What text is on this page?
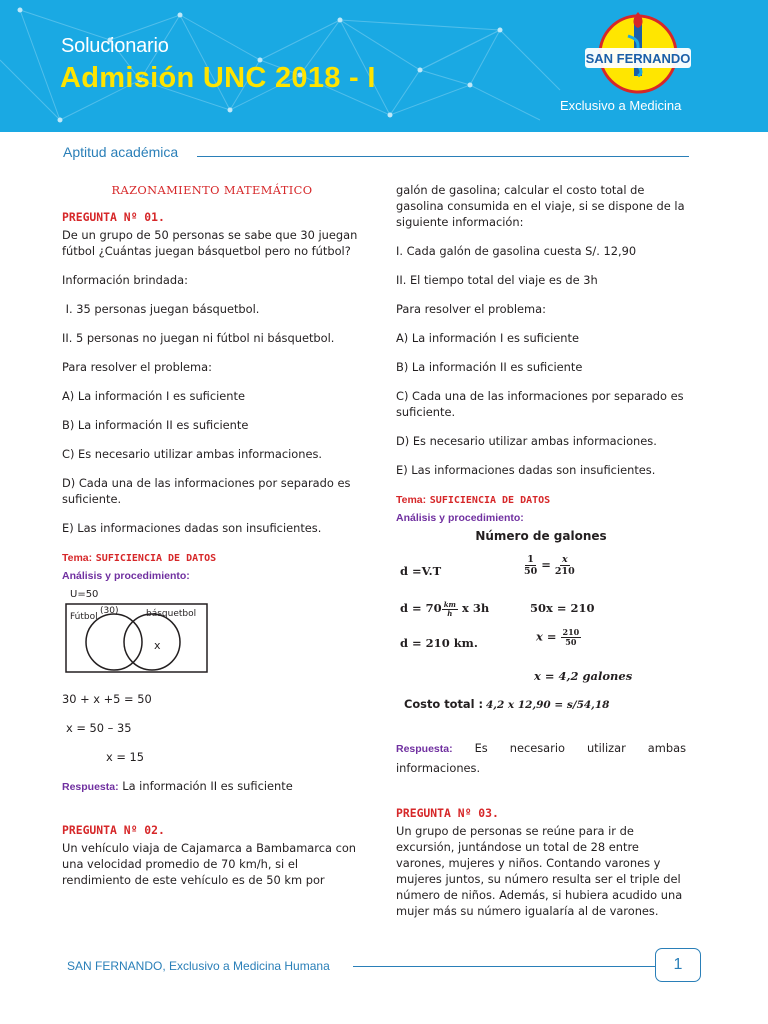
Solucionario
Admisión UNC 2018 - I
SAN FERNANDO
Exclusivo a Medicina
Aptitud académica

RAZONAMIENTO MATEMÁTICO

PREGUNTA Nº 01.

De un grupo de 50 personas se sabe que 30 juegan fútbol ¿Cuántas juegan básquetbol pero no fútbol?

Información brindada:

I. 35 personas juegan básquetbol.

II. 5 personas no juegan ni fútbol ni básquetbol.

Para resolver el problema:

A) La información I es suficiente

B) La información II es suficiente

C) Es necesario utilizar ambas informaciones.

D) Cada una de las informaciones por separado es suficiente.

E) Las informaciones dadas son insuficientes.

Tema: SUFICIENCIA DE DATOS

Análisis y procedimiento:

U=50
Fútbol
(30)	básquetbol
x

30 + x +5 = 50

x = 50 – 35

x = 15

Respuesta: La información II es suficiente

PREGUNTA Nº 02.

Un vehículo viaja de Cajamarca a Bambamarca con una velocidad promedio de 70 km/h, si el rendimiento de este vehículo es de 50 km por

galón de gasolina; calcular el costo total de gasolina consumida en el viaje, si se dispone de la siguiente información:

I. Cada galón de gasolina cuesta S/. 12,90

II. El tiempo total del viaje es de 3h

Para resolver el problema:

A) La información I es suficiente

B) La información II es suficiente

C) Cada una de las informaciones por separado es suficiente.

D) Es necesario utilizar ambas informaciones.

E) Las informaciones dadas son insuficientes.

Tema: SUFICIENCIA DE DATOS

Análisis y procedimiento:

Número de galones

d =V.T	$\frac{1}{50} = \frac{x}{210}$
$d = 70 \frac{km}{h}$ x 3h	50x = 210
d = 210 km.	$x = \frac{210}{50}$
x = 4,2 galones
Costo total : 4,2 x 12,90 = s/54,18

Respuesta: Es necesario utilizar ambas informaciones.

PREGUNTA Nº 03.

Un grupo de personas se reúne para ir de excursión, juntándose un total de 28 entre varones, mujeres y niños. Contando varones y mujeres juntos, su número resulta ser el triple del número de niños. Además, si hubiera acudido una mujer más su número igualaría al de varones.

SAN FERNANDO, Exclusivo a Medicina Humana	1
